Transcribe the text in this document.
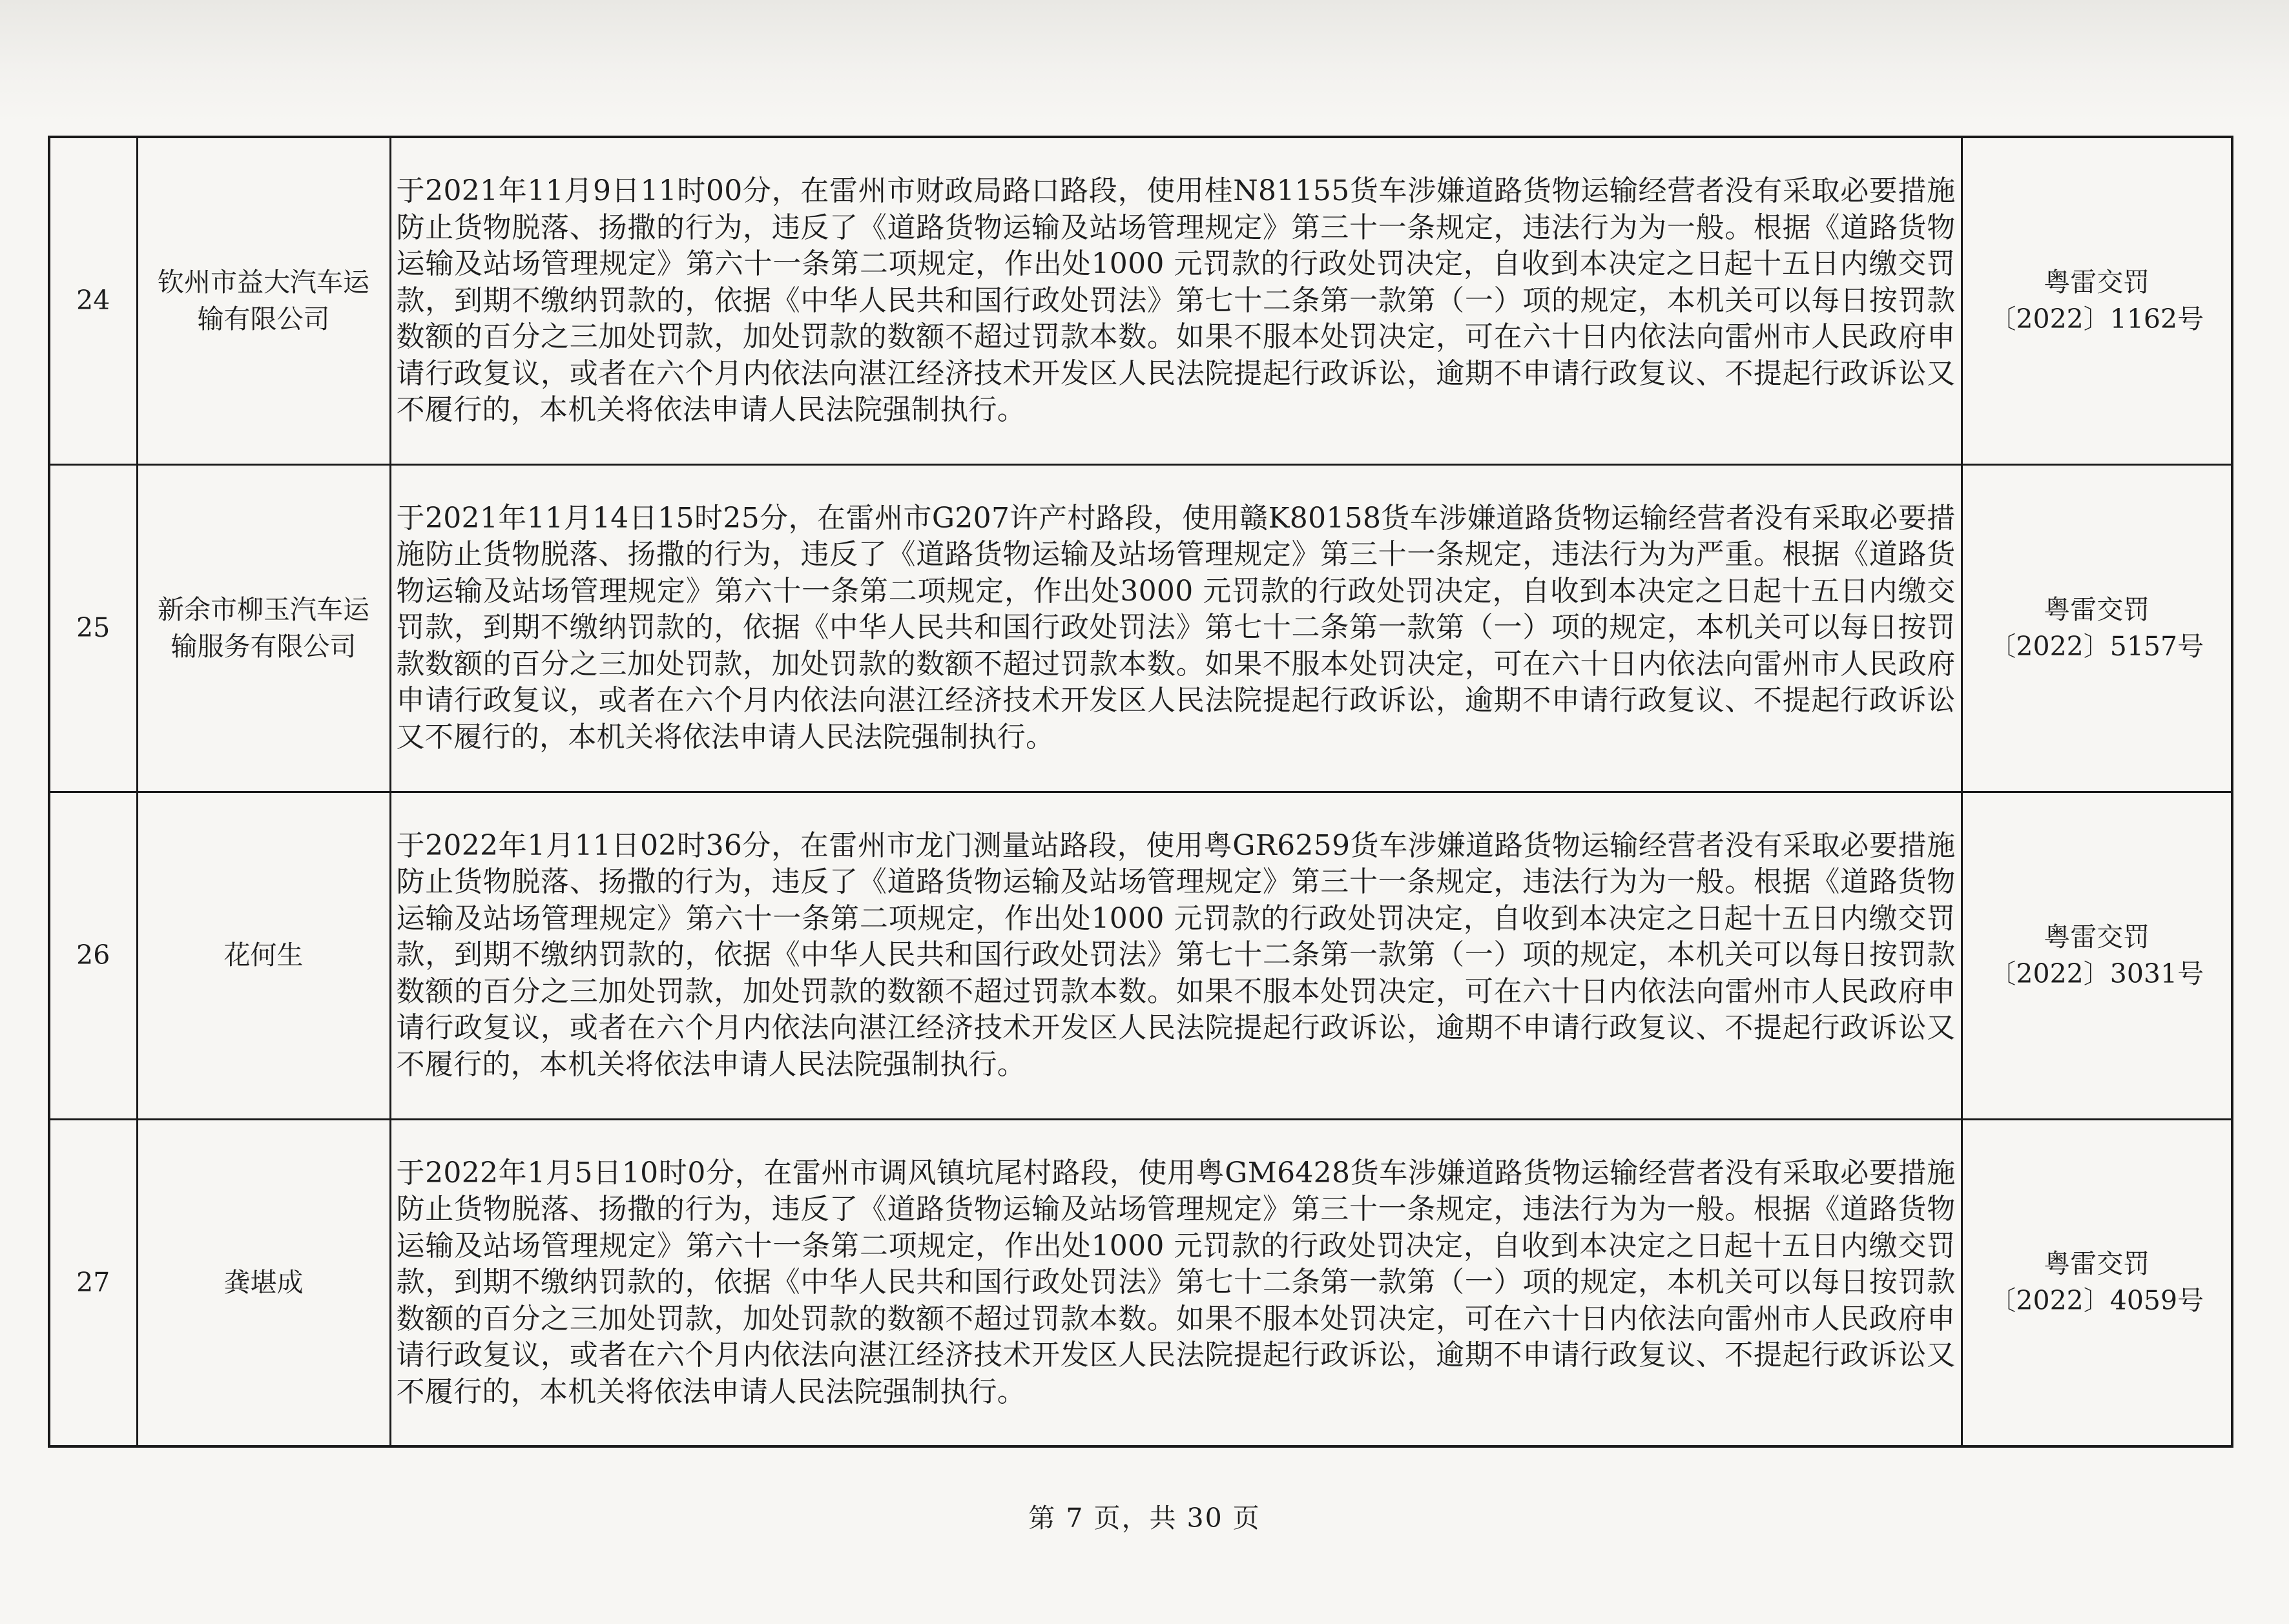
24	钦州市益大汽车运输有限公司	于2021年11月9日11时00分，在雷州市财政局路口路段，使用桂N81155货车涉嫌道路货物运输经营者没有采取必要措施防止货物脱落、扬撒的行为，违反了《道路货物运输及站场管理规定》第三十一条规定，违法行为为一般。根据《道路货物运输及站场管理规定》第六十一条第二项规定，作出处1000 元罚款的行政处罚决定，自收到本决定之日起十五日内缴交罚款，到期不缴纳罚款的，依据《中华人民共和国行政处罚法》第七十二条第一款第（一）项的规定，本机关可以每日按罚款数额的百分之三加处罚款，加处罚款的数额不超过罚款本数。如果不服本处罚决定，可在六十日内依法向雷州市人民政府申请行政复议，或者在六个月内依法向湛江经济技术开发区人民法院提起行政诉讼，逾期不申请行政复议、不提起行政诉讼又不履行的，本机关将依法申请人民法院强制执行。	粤雷交罚
〔2022〕1162号

25	新余市柳玉汽车运输服务有限公司	于2021年11月14日15时25分，在雷州市G207许产村路段，使用赣K80158货车涉嫌道路货物运输经营者没有采取必要措施防止货物脱落、扬撒的行为，违反了《道路货物运输及站场管理规定》第三十一条规定，违法行为为严重。根据《道路货物运输及站场管理规定》第六十一条第二项规定，作出处3000 元罚款的行政处罚决定，自收到本决定之日起十五日内缴交罚款，到期不缴纳罚款的，依据《中华人民共和国行政处罚法》第七十二条第一款第（一）项的规定，本机关可以每日按罚款数额的百分之三加处罚款，加处罚款的数额不超过罚款本数。如果不服本处罚决定，可在六十日内依法向雷州市人民政府申请行政复议，或者在六个月内依法向湛江经济技术开发区人民法院提起行政诉讼，逾期不申请行政复议、不提起行政诉讼又不履行的，本机关将依法申请人民法院强制执行。	粤雷交罚
〔2022〕5157号

26	花何生	于2022年1月11日02时36分，在雷州市龙门测量站路段，使用粤GR6259货车涉嫌道路货物运输经营者没有采取必要措施防止货物脱落、扬撒的行为，违反了《道路货物运输及站场管理规定》第三十一条规定，违法行为为一般。根据《道路货物运输及站场管理规定》第六十一条第二项规定，作出处1000 元罚款的行政处罚决定，自收到本决定之日起十五日内缴交罚款，到期不缴纳罚款的，依据《中华人民共和国行政处罚法》第七十二条第一款第（一）项的规定，本机关可以每日按罚款数额的百分之三加处罚款，加处罚款的数额不超过罚款本数。如果不服本处罚决定，可在六十日内依法向雷州市人民政府申请行政复议，或者在六个月内依法向湛江经济技术开发区人民法院提起行政诉讼，逾期不申请行政复议、不提起行政诉讼又不履行的，本机关将依法申请人民法院强制执行。	粤雷交罚
〔2022〕3031号

27	龚堪成	于2022年1月5日10时0分，在雷州市调风镇坑尾村路段，使用粤GM6428货车涉嫌道路货物运输经营者没有采取必要措施防止货物脱落、扬撒的行为，违反了《道路货物运输及站场管理规定》第三十一条规定，违法行为为一般。根据《道路货物运输及站场管理规定》第六十一条第二项规定，作出处1000 元罚款的行政处罚决定，自收到本决定之日起十五日内缴交罚款，到期不缴纳罚款的，依据《中华人民共和国行政处罚法》第七十二条第一款第（一）项的规定，本机关可以每日按罚款数额的百分之三加处罚款，加处罚款的数额不超过罚款本数。如果不服本处罚决定，可在六十日内依法向雷州市人民政府申请行政复议，或者在六个月内依法向湛江经济技术开发区人民法院提起行政诉讼，逾期不申请行政复议、不提起行政诉讼又不履行的，本机关将依法申请人民法院强制执行。	粤雷交罚
〔2022〕4059号
第 7 页，共 30 页
